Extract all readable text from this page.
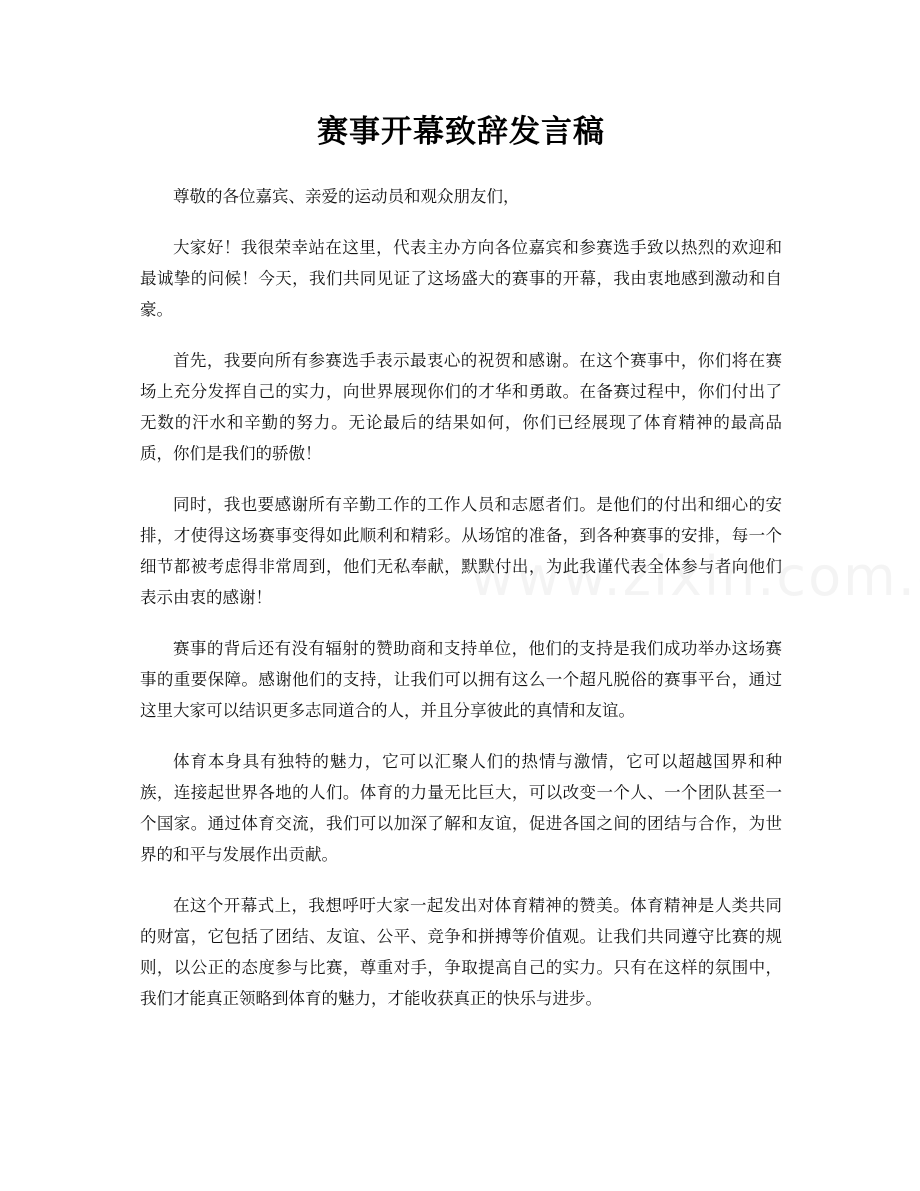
赛事开幕致辞发言稿

尊敬的各位嘉宾、亲爱的运动员和观众朋友们，

大家好！我很荣幸站在这里，代表主办方向各位嘉宾和参赛选手致以热烈的欢迎和最诚挚的问候！今天，我们共同见证了这场盛大的赛事的开幕，我由衷地感到激动和自豪。

首先，我要向所有参赛选手表示最衷心的祝贺和感谢。在这个赛事中，你们将在赛场上充分发挥自己的实力，向世界展现你们的才华和勇敢。在备赛过程中，你们付出了无数的汗水和辛勤的努力。无论最后的结果如何，你们已经展现了体育精神的最高品质，你们是我们的骄傲！

同时，我也要感谢所有辛勤工作的工作人员和志愿者们。是他们的付出和细心的安排，才使得这场赛事变得如此顺利和精彩。从场馆的准备，到各种赛事的安排，每一个细节都被考虑得非常周到，他们无私奉献，默默付出，为此我谨代表全体参与者向他们表示由衷的感谢！

赛事的背后还有没有辐射的赞助商和支持单位，他们的支持是我们成功举办这场赛事的重要保障。感谢他们的支持，让我们可以拥有这么一个超凡脱俗的赛事平台，通过这里大家可以结识更多志同道合的人，并且分享彼此的真情和友谊。

体育本身具有独特的魅力，它可以汇聚人们的热情与激情，它可以超越国界和种族，连接起世界各地的人们。体育的力量无比巨大，可以改变一个人、一个团队甚至一个国家。通过体育交流，我们可以加深了解和友谊，促进各国之间的团结与合作，为世界的和平与发展作出贡献。

在这个开幕式上，我想呼吁大家一起发出对体育精神的赞美。体育精神是人类共同的财富，它包括了团结、友谊、公平、竞争和拼搏等价值观。让我们共同遵守比赛的规则，以公正的态度参与比赛，尊重对手，争取提高自己的实力。只有在这样的氛围中，我们才能真正领略到体育的魅力，才能收获真正的快乐与进步。
